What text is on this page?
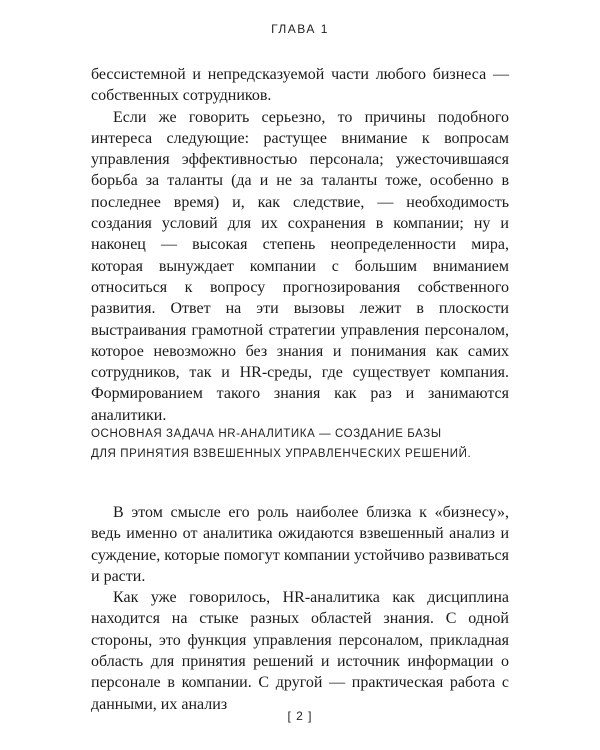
ГЛАВА 1

бессистемной и непредсказуемой части любого бизнеса — собственных сотрудников.

Если же говорить серьезно, то причины подобного интереса следующие: растущее внимание к вопросам управления эффективностью персонала; ужесточившаяся борьба за таланты (да и не за таланты тоже, особенно в последнее время) и, как следствие, — необходимость создания условий для их сохранения в компании; ну и наконец — высокая степень неопределенности мира, которая вынуждает компании с большим вниманием относиться к вопросу прогнозирования собственного развития. Ответ на эти вызовы лежит в плоскости выстраивания грамотной стратегии управления персоналом, которое невозможно без знания и понимания как самих сотрудников, так и HR-среды, где существует компания. Формированием такого знания как раз и занимаются аналитики.

ОСНОВНАЯ ЗАДАЧА HR-АНАЛИТИКА — СОЗДАНИЕ БАЗЫ
ДЛЯ ПРИНЯТИЯ ВЗВЕШЕННЫХ УПРАВЛЕНЧЕСКИХ РЕШЕНИЙ.

В этом смысле его роль наиболее близка к «бизнесу», ведь именно от аналитика ожидаются взвешенный анализ и суждение, которые помогут компании устойчиво развиваться и расти.

Как уже говорилось, HR-аналитика как дисциплина находится на стыке разных областей знания. С одной стороны, это функция управления персоналом, прикладная область для принятия решений и источник информации о персонале в компании. С другой — практическая работа с данными, их анализ

[ 2 ]
